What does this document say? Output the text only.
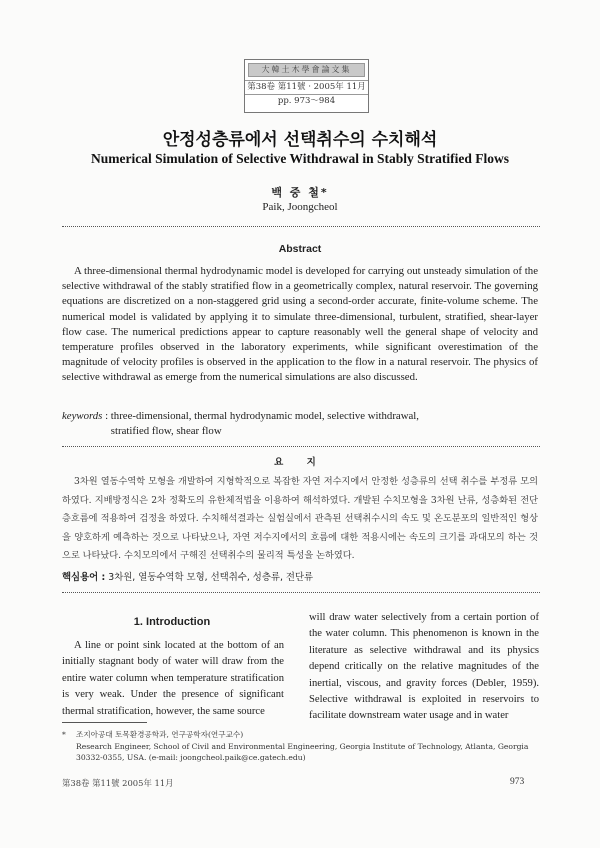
大韓土木學會論文集
第38卷 第11號 · 2005年 11月
pp. 973～984
안정성층류에서 선택취수의 수치해석
Numerical Simulation of Selective Withdrawal in Stably Stratified Flows
백 중 철*
Paik, Joongcheol
Abstract
A three-dimensional thermal hydrodynamic model is developed for carrying out unsteady simulation of the selective withdrawal of the stably stratified flow in a geometrically complex, natural reservoir. The governing equations are discretized on a non-staggered grid using a second-order accurate, finite-volume scheme. The numerical model is validated by applying it to simulate three-dimensional, turbulent, stratified, shear-layer flow case. The numerical predictions appear to capture reasonably well the general shape of velocity and temperature profiles observed in the laboratory experiments, while significant overestimation of the magnitude of velocity profiles is observed in the application to the flow in a natural reservoir. The physics of selective withdrawal as emerge from the numerical simulations are also discussed.
keywords : three-dimensional, thermal hydrodynamic model, selective withdrawal, stratified flow, shear flow
요 지
3차원 열동수역학 모형을 개발하여 지형학적으로 복잡한 자연 저수지에서 안정한 성층류의 선택 취수를 부정류 모의하였다. 지배방정식은 2차 정확도의 유한체적법을 이용하여 해석하였다. 개발된 수치모형을 3차원 난류, 성층화된 전단층흐름에 적용하여 검정을 하였다. 수치해석결과는 실험실에서 관측된 선택취수시의 속도 및 온도분포의 일반적인 형상을 양호하게 예측하는 것으로 나타났으나, 자연 저수지에서의 흐름에 대한 적용시에는 속도의 크기를 과대모의 하는 것으로 나타났다. 수치모의에서 구해진 선택취수의 물리적 특성을 논하였다.
핵심용어 : 3차원, 열동수역학 모형, 선택취수, 성층류, 전단류
1. Introduction
A line or point sink located at the bottom of an initially stagnant body of water will draw from the entire water column when temperature stratification is very weak. Under the presence of significant thermal stratification, however, the same source
will draw water selectively from a certain portion of the water column. This phenomenon is known in the literature as selective withdrawal and its physics depend critically on the relative magnitudes of the inertial, viscous, and gravity forces (Debler, 1959). Selective withdrawal is exploited in reservoirs to facilitate downstream water usage and in water
* 조지아공대 토목환경공학과, 연구공학자(연구교수)
Research Engineer, School of Civil and Environmental Engineering, Georgia Institute of Technology, Atlanta, Georgia 30332-0355, USA. (e-mail: joongcheol.paik@ce.gatech.edu)
第38卷 第11號 2005年 11月	973
